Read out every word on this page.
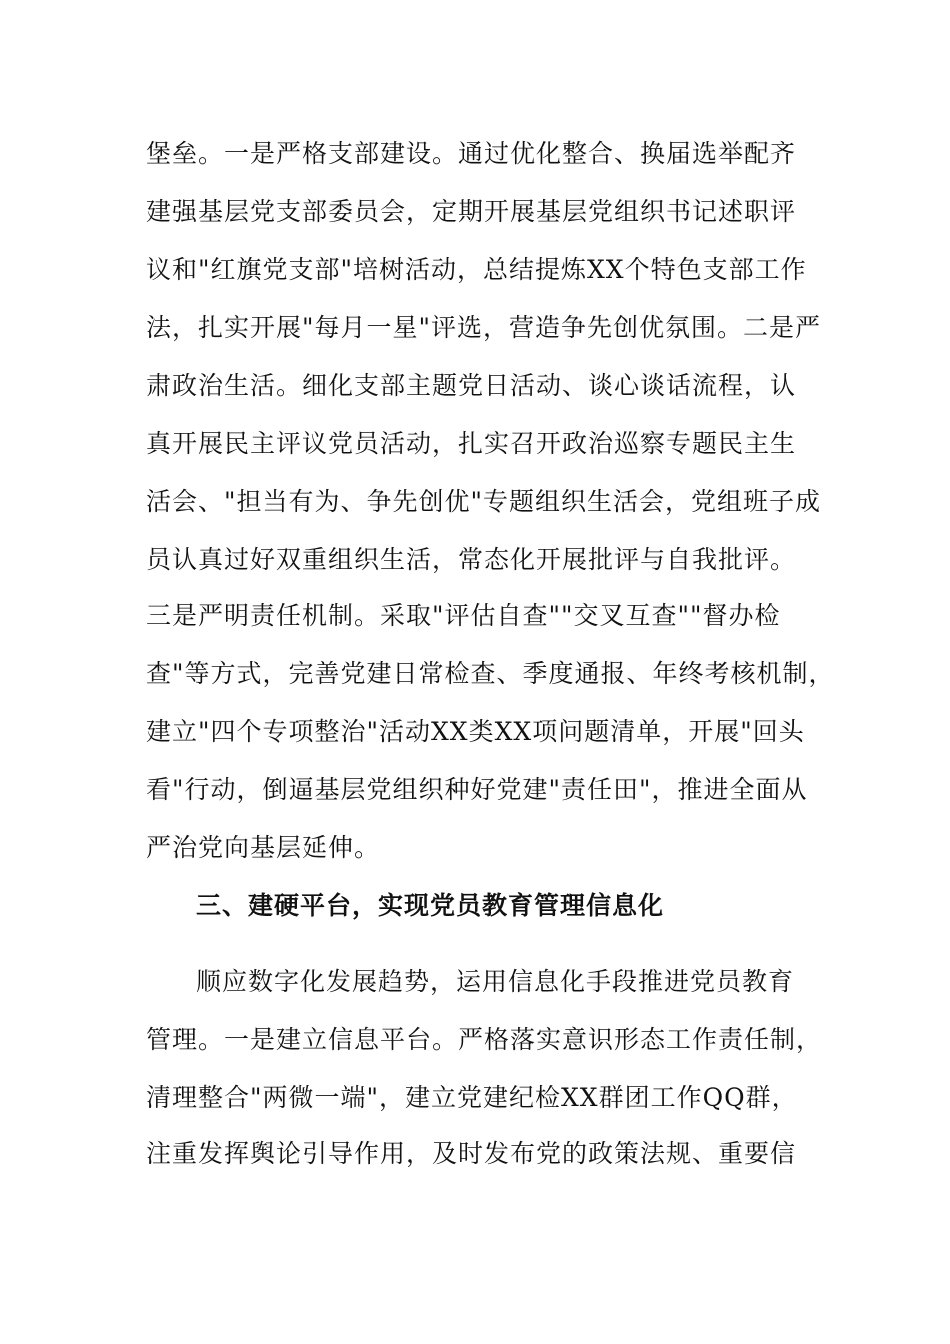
堡垒。一是严格支部建设。通过优化整合、换届选举配齐
建强基层党支部委员会，定期开展基层党组织书记述职评
议和"红旗党支部"培树活动，总结提炼XX个特色支部工作
法，扎实开展"每月一星"评选，营造争先创优氛围。二是严
肃政治生活。细化支部主题党日活动、谈心谈话流程，认
真开展民主评议党员活动，扎实召开政治巡察专题民主生
活会、"担当有为、争先创优"专题组织生活会，党组班子成
员认真过好双重组织生活，常态化开展批评与自我批评。
三是严明责任机制。采取"评估自查""交叉互查""督办检
查"等方式，完善党建日常检查、季度通报、年终考核机制，
建立"四个专项整治"活动XX类XX项问题清单，开展"回头
看"行动，倒逼基层党组织种好党建"责任田"，推进全面从
严治党向基层延伸。
三、建硬平台，实现党员教育管理信息化
顺应数字化发展趋势，运用信息化手段推进党员教育
管理。一是建立信息平台。严格落实意识形态工作责任制，
清理整合"两微一端"，建立党建纪检XX群团工作QQ群，
注重发挥舆论引导作用，及时发布党的政策法规、重要信
